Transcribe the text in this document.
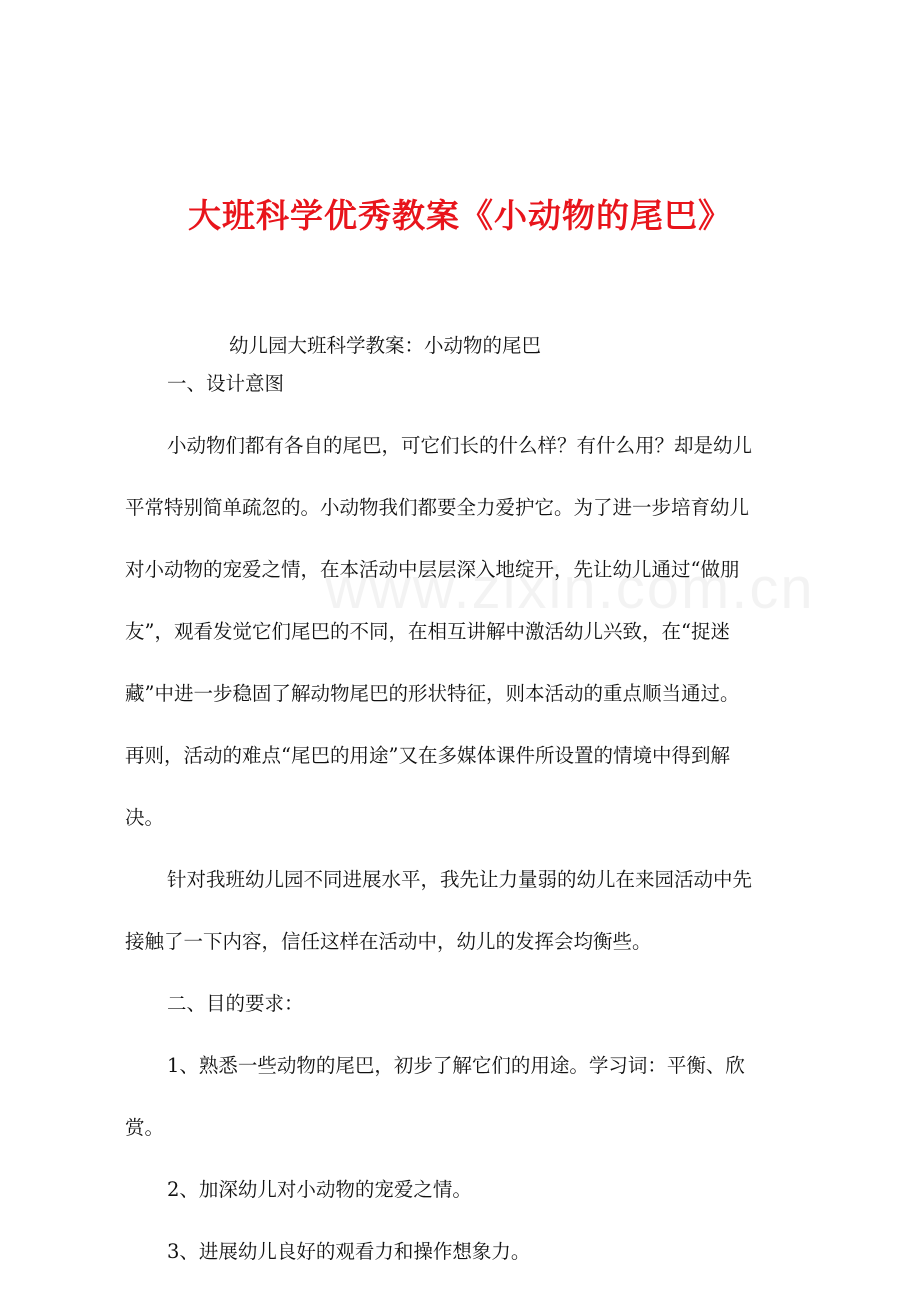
大班科学优秀教案《小动物的尾巴》
幼儿园大班科学教案：小动物的尾巴
一、设计意图
小动物们都有各自的尾巴，可它们长的什么样？有什么用？却是幼儿
平常特别简单疏忽的。小动物我们都要全力爱护它。为了进一步培育幼儿
对小动物的宠爱之情，在本活动中层层深入地绽开，先让幼儿通过“做朋
友”，观看发觉它们尾巴的不同，在相互讲解中激活幼儿兴致，在“捉迷
藏”中进一步稳固了解动物尾巴的形状特征，则本活动的重点顺当通过。
再则，活动的难点“尾巴的用途”又在多媒体课件所设置的情境中得到解
决。
针对我班幼儿园不同进展水平，我先让力量弱的幼儿在来园活动中先
接触了一下内容，信任这样在活动中，幼儿的发挥会均衡些。
二、目的要求：
1、熟悉一些动物的尾巴，初步了解它们的用途。学习词：平衡、欣
赏。
2、加深幼儿对小动物的宠爱之情。
3、进展幼儿良好的观看力和操作想象力。
